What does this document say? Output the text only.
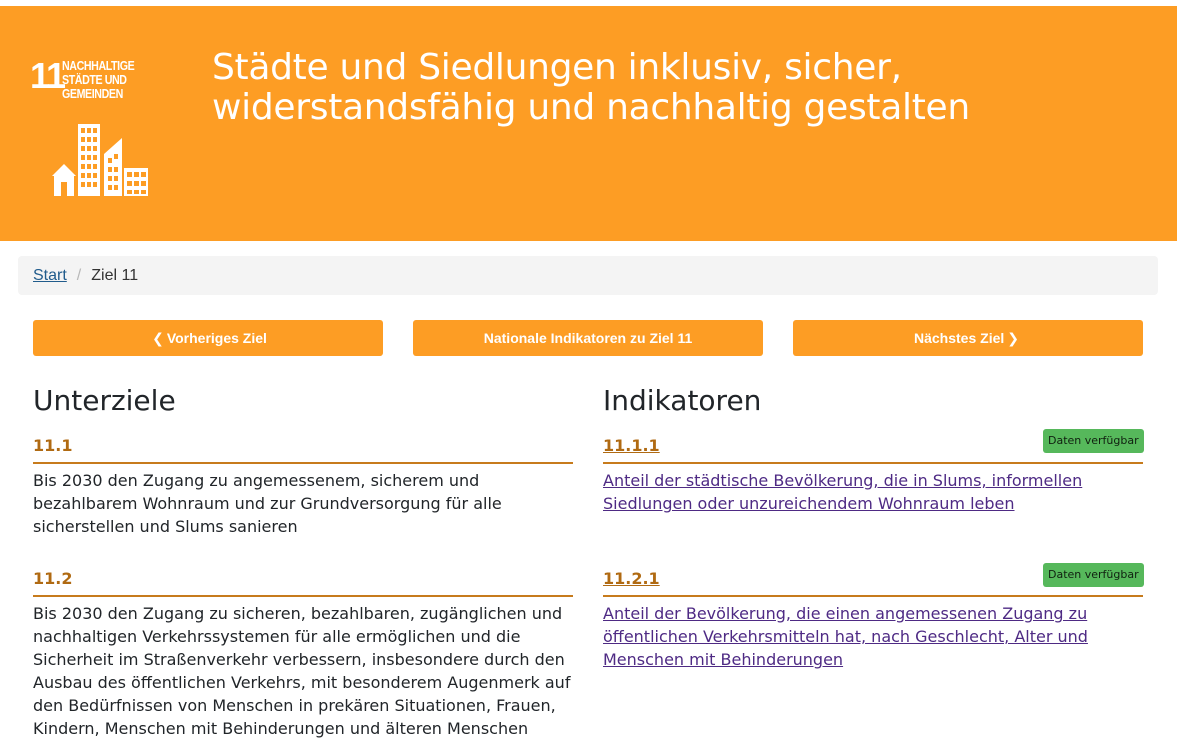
11
NACHHALTIGE
STÄDTE UND
GEMEINDEN
Städte und Siedlungen inklusiv, sicher, widerstandsfähig und nachhaltig gestalten
Start / Ziel 11
❮ Vorheriges Ziel	Nationale Indikatoren zu Ziel 11	Nächstes Ziel ❯
Unterziele
11.1

Bis 2030 den Zugang zu angemessenem, sicherem und bezahlbarem Wohnraum und zur Grundversorgung für alle sicherstellen und Slums sanieren

11.2

Bis 2030 den Zugang zu sicheren, bezahlbaren, zugänglichen und nachhaltigen Verkehrssystemen für alle ermöglichen und die Sicherheit im Straßenverkehr verbessern, insbesondere durch den Ausbau des öffentlichen Verkehrs, mit besonderem Augenmerk auf den Bedürfnissen von Menschen in prekären Situationen, Frauen, Kindern, Menschen mit Behinderungen und älteren Menschen

Indikatoren
11.1.1	Daten verfügbar

Anteil der städtische Bevölkerung, die in Slums, informellen Siedlungen oder unzureichendem Wohnraum leben

11.2.1	Daten verfügbar

Anteil der Bevölkerung, die einen angemessenen Zugang zu öffentlichen Verkehrsmitteln hat, nach Geschlecht, Alter und Menschen mit Behinderungen
